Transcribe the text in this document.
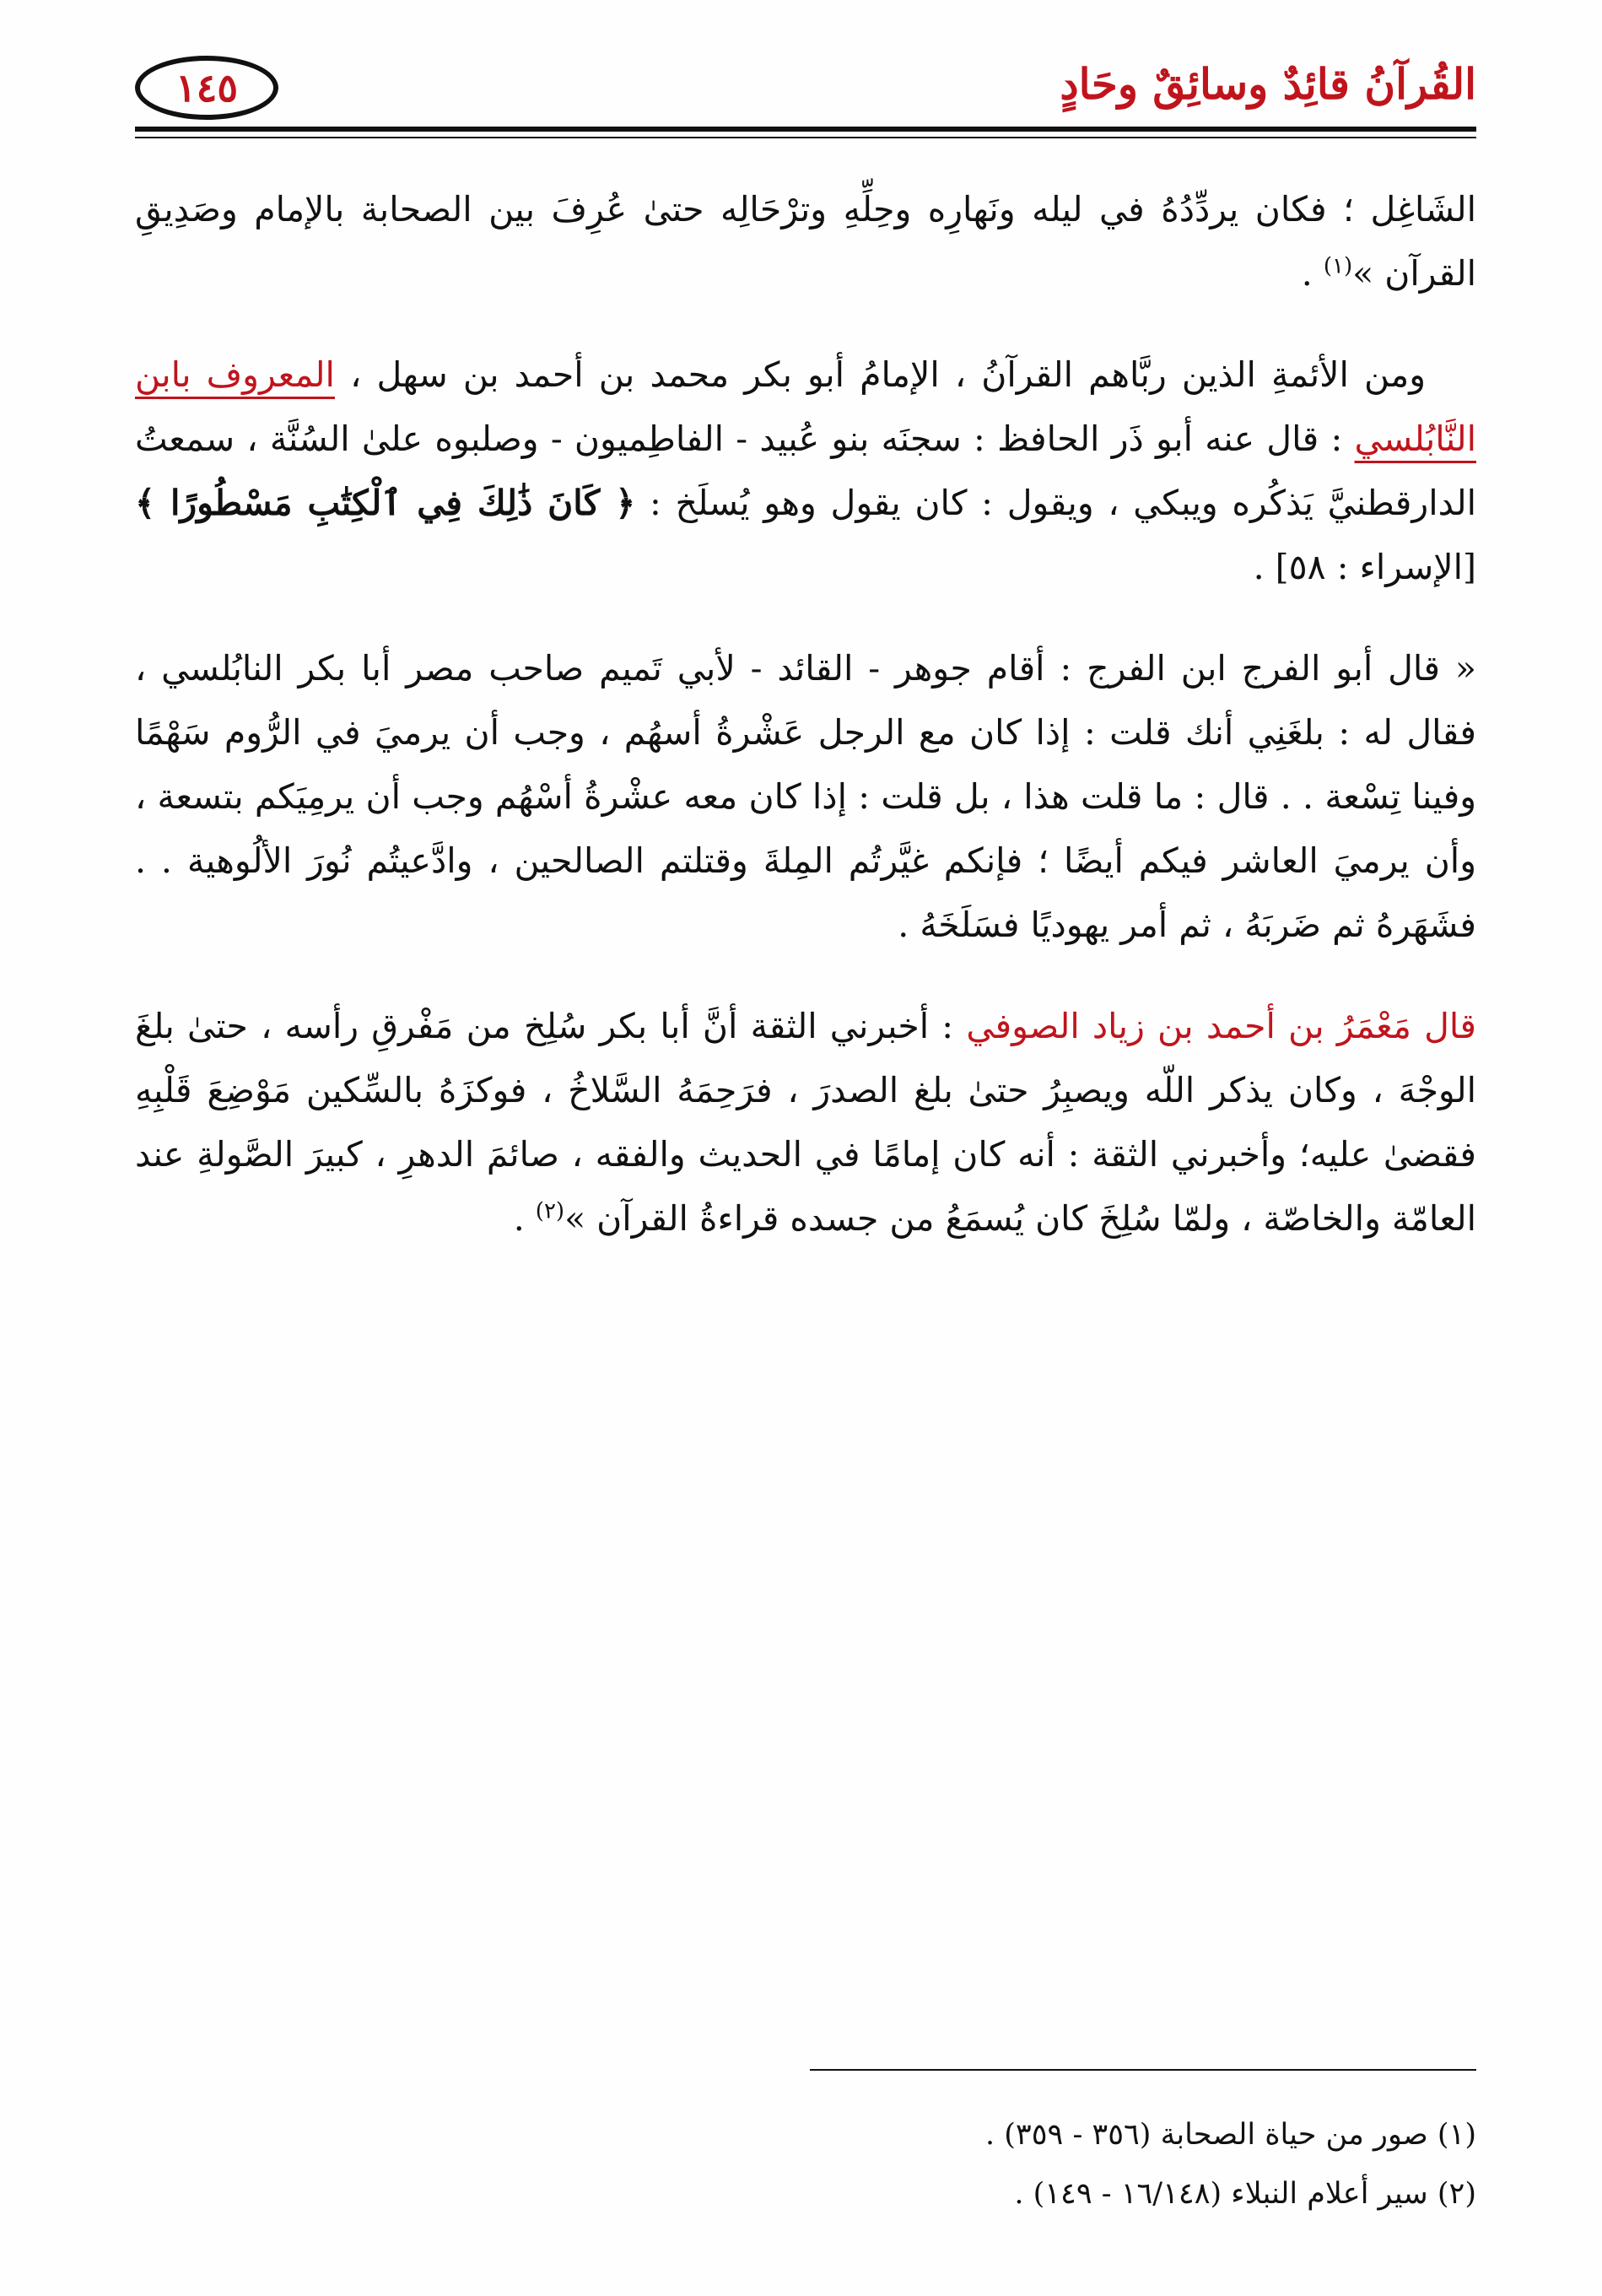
١٤٥	القُرآنُ قائِدٌ وسائِقٌ وحَادٍ

الشَاغِل ؛ فكان يردِّدُهُ في ليله ونَهارِه وحِلِّهِ وترْحَالِه حتىٰ عُرِفَ بين الصحابة بالإمام وصَدِيقِ القرآن »$^{(١)}$ .

ومن الأئمةِ الذين ربَّاهم القرآنُ ، الإمامُ أبو بكر محمد بن أحمد بن سهل ، المعروف بابن النَّابُلسي : قال عنه أبو ذَر الحافظ : سجنَه بنو عُبيد - الفاطِميون - وصلبوه علىٰ السُنَّة ، سمعتُ الدارقطنيَّ يَذكُره ويبكي ، ويقول : كان يقول وهو يُسلَخ : ﴿ كَانَ ذَٰلِكَ فِي ٱلْكِتَٰبِ مَسْطُورًا ﴾ [الإسراء : ٥٨] .

« قال أبو الفرج ابن الفرج : أقام جوهر - القائد - لأبي تَميم صاحب مصر أبا بكر النابُلسي ، فقال له : بلغَنِي أنك قلت : إذا كان مع الرجل عَشْرةُ أسهُم ، وجب أن يرميَ في الرُّوم سَهْمًا وفينا تِسْعة . . قال : ما قلت هذا ، بل قلت : إذا كان معه عشْرةُ أسْهُم وجب أن يرمِيَكم بتسعة ، وأن يرميَ العاشر فيكم أيضًا ؛ فإنكم غيَّرتُم المِلةَ وقتلتم الصالحين ، وادَّعيتُم نُورَ الألُوهية . . فشَهَرهُ ثم ضَربَهُ ، ثم أمر يهوديًا فسَلَخَهُ .

قال مَعْمَرُ بن أحمد بن زياد الصوفي : أخبرني الثقة أنَّ أبا بكر سُلِخ من مَفْرقِ رأسه ، حتىٰ بلغَ الوجْهَ ، وكان يذكر اللّه ويصبِرُ حتىٰ بلغ الصدرَ ، فرَحِمَهُ السَّلاخُ ، فوكزَهُ بالسِّكين مَوْضِعَ قَلْبِهِ فقضىٰ عليه؛ وأخبرني الثقة : أنه كان إمامًا في الحديث والفقه ، صائمَ الدهرِ ، كبيرَ الصَّولةِ عند العامّة والخاصّة ، ولمّا سُلِخَ كان يُسمَعُ من جسده قراءةُ القرآن »$^{(٢)}$ .

(١) صور من حياة الصحابة (٣٥٦ - ٣٥٩) .
(٢) سير أعلام النبلاء (١٦/١٤٨ - ١٤٩) .
